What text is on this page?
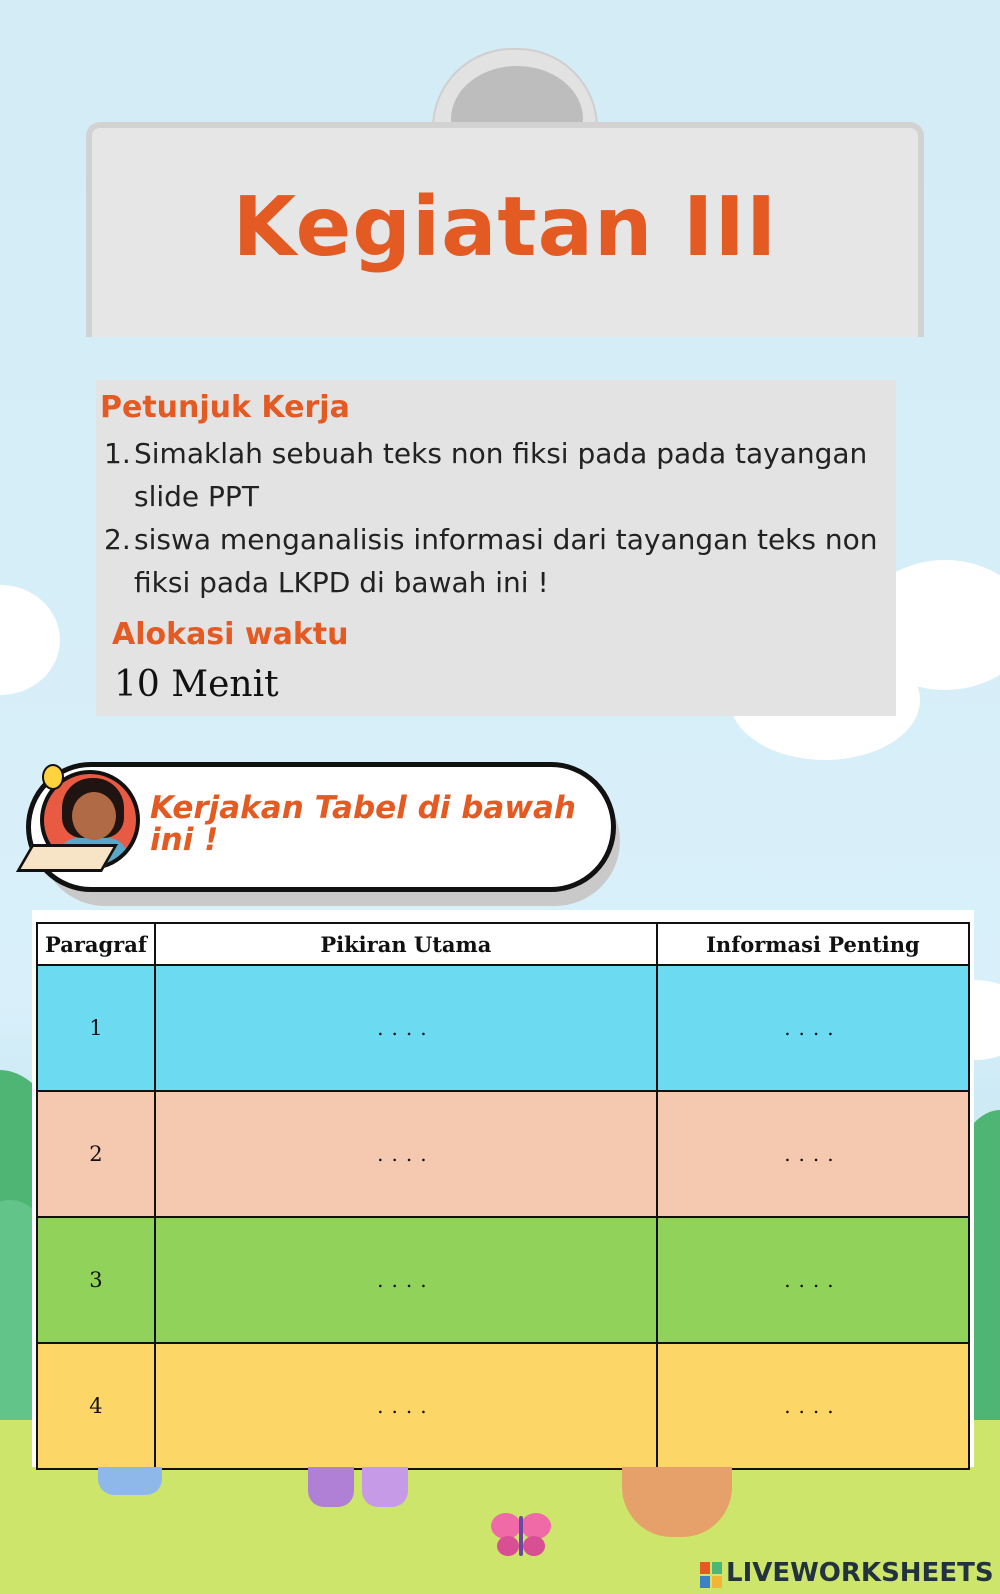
Kegiatan III
Petunjuk Kerja
1. Simaklah sebuah teks non fiksi pada pada tayangan slide PPT
2. siswa menganalisis informasi dari tayangan teks non fiksi pada LKPD di bawah ini !
Alokasi waktu

10 Menit

Kerjakan Tabel di bawah ini !

Paragraf	Pikiran Utama	Informasi Penting
1	....	....
2	....	....
3	....	....
4	....	....

LIVEWORKSHEETS
